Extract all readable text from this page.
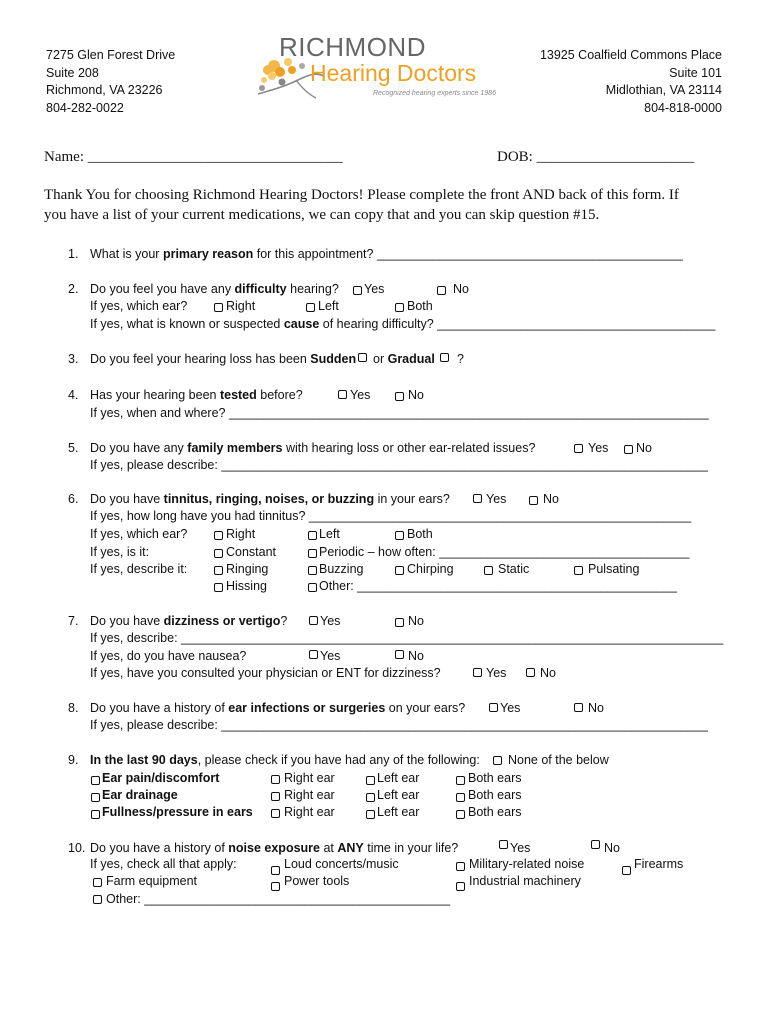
7275 Glen Forest Drive
Suite 208
Richmond, VA 23226
804-282-0022
RICHMOND
Hearing Doctors
Recognized hearing experts since 1986
13925 Coalfield Commons Place
Suite 101
Midlothian, VA 23114
804-818-0000
Name: __________________________________	DOB: _____________________
Thank You for choosing Richmond Hearing Doctors! Please complete the front AND back of this form. If
you have a list of your current medications, we can copy that and you can skip question #15.
1. What is your primary reason for this appointment? ____________________________________________
2. Do you feel you have any difficulty hearing? Yes	No
If yes, which ear?	Right	Left	Both
If yes, what is known or suspected cause of hearing difficulty? ________________________________________
3. Do you feel your hearing loss has been Sudden or Gradual ?
4. Has your hearing been tested before?	Yes	No
If yes, when and where? _____________________________________________________________________
5. Do you have any family members with hearing loss or other ear-related issues?	Yes No
If yes, please describe: ______________________________________________________________________
6. Do you have tinnitus, ringing, noises, or buzzing in your ears?	Yes	No
If yes, how long have you had tinnitus? _______________________________________________________
If yes, which ear?	Right	Left	Both
If yes, is it:	Constant	Periodic – how often: ____________________________________
If yes, describe it:	Ringing	Buzzing	Chirping	Static	Pulsating
Hissing	Other: ______________________________________________
7. Do you have dizziness or vertigo?	Yes	No
If yes, describe: ______________________________________________________________________________
If yes, do you have nausea?	Yes	No
If yes, have you consulted your physician or ENT for dizziness?	Yes	No
8. Do you have a history of ear infections or surgeries on your ears?	Yes	No
If yes, please describe: ______________________________________________________________________
9. In the last 90 days, please check if you have had any of the following: None of the below
Ear pain/discomfort	Right ear	Left ear	Both ears
Ear drainage	Right ear	Left ear	Both ears
Fullness/pressure in ears Right ear	Left ear	Both ears
10. Do you have a history of noise exposure at ANY time in your life?	Yes	No
If yes, check all that apply:	Loud concerts/music	Military-related noise	Firearms
Farm equipment	Power tools	Industrial machinery
Other: ____________________________________________
